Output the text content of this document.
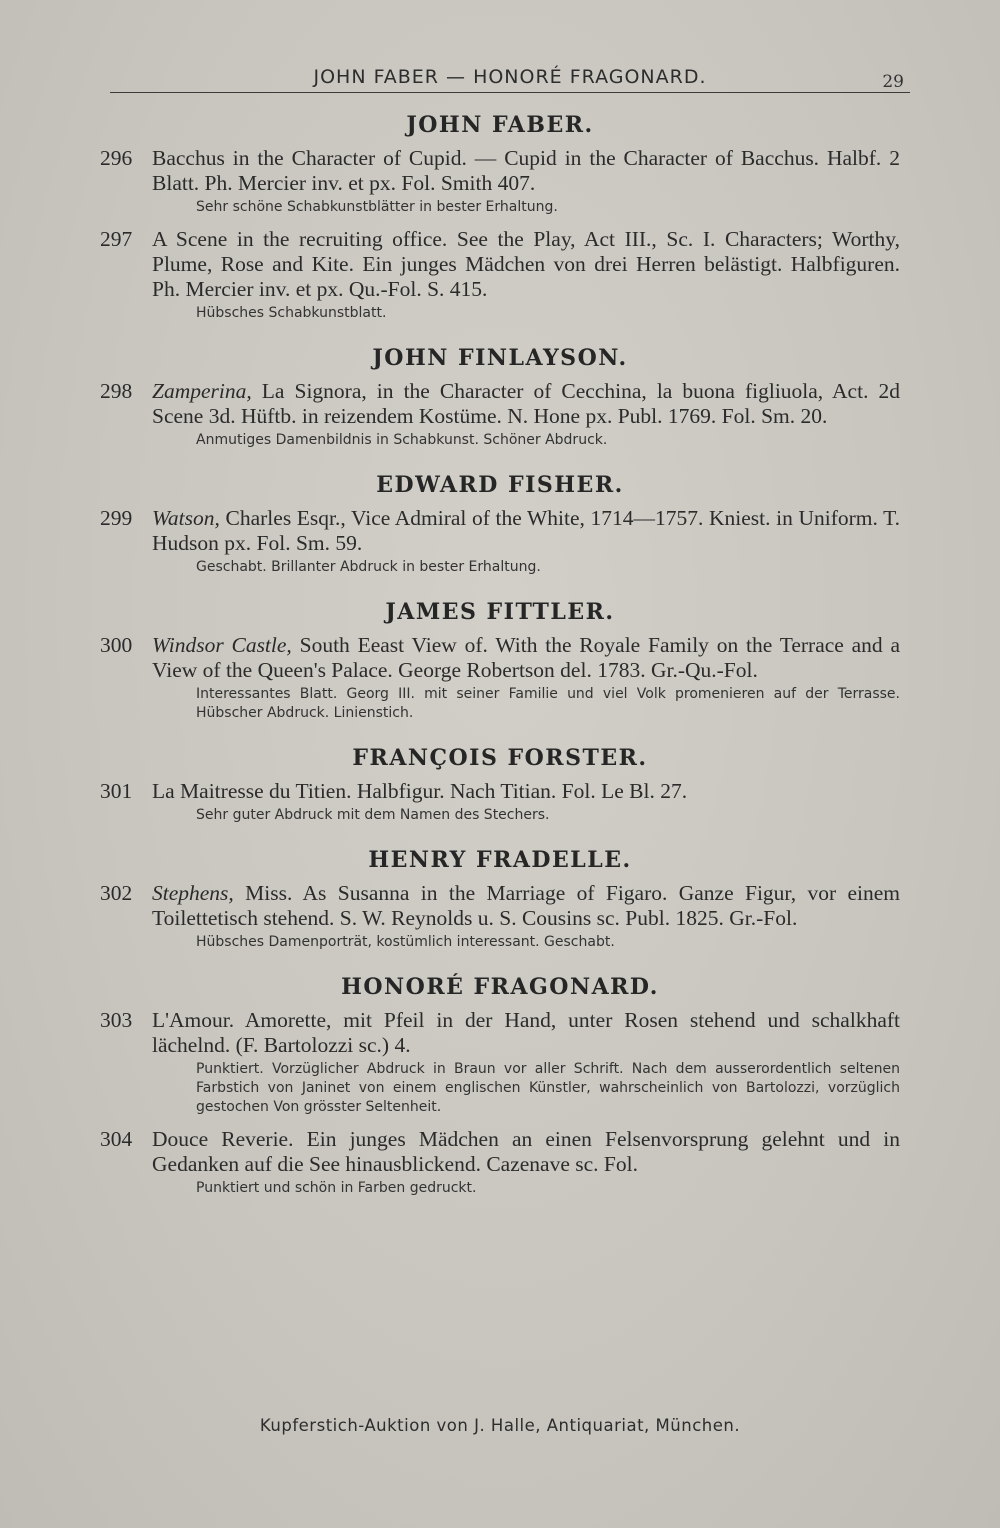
JOHN FABER — HONORÉ FRAGONARD.	29
JOHN FABER.
296 Bacchus in the Character of Cupid. — Cupid in the Character of Bacchus. Halbf. 2 Blatt. Ph. Mercier inv. et px. Fol. Smith 407.
Sehr schöne Schabkunstblätter in bester Erhaltung.
297 A Scene in the recruiting office. See the Play, Act III., Sc. I. Characters; Worthy, Plume, Rose and Kite. Ein junges Mädchen von drei Herren belästigt. Halbfiguren. Ph. Mercier inv. et px. Qu.-Fol. S. 415.
Hübsches Schabkunstblatt.
JOHN FINLAYSON.
298 Zamperina, La Signora, in the Character of Cecchina, la buona figliuola, Act. 2d Scene 3d. Hüftb. in reizendem Kostüme. N. Hone px. Publ. 1769. Fol. Sm. 20.
Anmutiges Damenbildnis in Schabkunst. Schöner Abdruck.
EDWARD FISHER.
299 Watson, Charles Esqr., Vice Admiral of the White, 1714—1757. Kniest. in Uniform. T. Hudson px. Fol. Sm. 59.
Geschabt. Brillanter Abdruck in bester Erhaltung.
JAMES FITTLER.
300 Windsor Castle, South Eeast View of. With the Royale Family on the Terrace and a View of the Queen's Palace. George Robertson del. 1783. Gr.-Qu.-Fol.
Interessantes Blatt. Georg III. mit seiner Familie und viel Volk promenieren auf der Terrasse. Hübscher Abdruck. Linienstich.
FRANÇOIS FORSTER.
301 La Maitresse du Titien. Halbfigur. Nach Titian. Fol. Le Bl. 27.
Sehr guter Abdruck mit dem Namen des Stechers.
HENRY FRADELLE.
302 Stephens, Miss. As Susanna in the Marriage of Figaro. Ganze Figur, vor einem Toilettetisch stehend. S. W. Reynolds u. S. Cousins sc. Publ. 1825. Gr.-Fol.
Hübsches Damenporträt, kostümlich interessant. Geschabt.
HONORÉ FRAGONARD.
303 L'Amour. Amorette, mit Pfeil in der Hand, unter Rosen stehend und schalkhaft lächelnd. (F. Bartolozzi sc.) 4.
Punktiert. Vorzüglicher Abdruck in Braun vor aller Schrift. Nach dem ausserordentlich seltenen Farbstich von Janinet von einem englischen Künstler, wahrscheinlich von Bartolozzi, vorzüglich gestochen Von grösster Seltenheit.
304 Douce Reverie. Ein junges Mädchen an einen Felsenvorsprung gelehnt und in Gedanken auf die See hinausblickend. Cazenave sc. Fol.
Punktiert und schön in Farben gedruckt.
Kupferstich-Auktion von J. Halle, Antiquariat, München.
